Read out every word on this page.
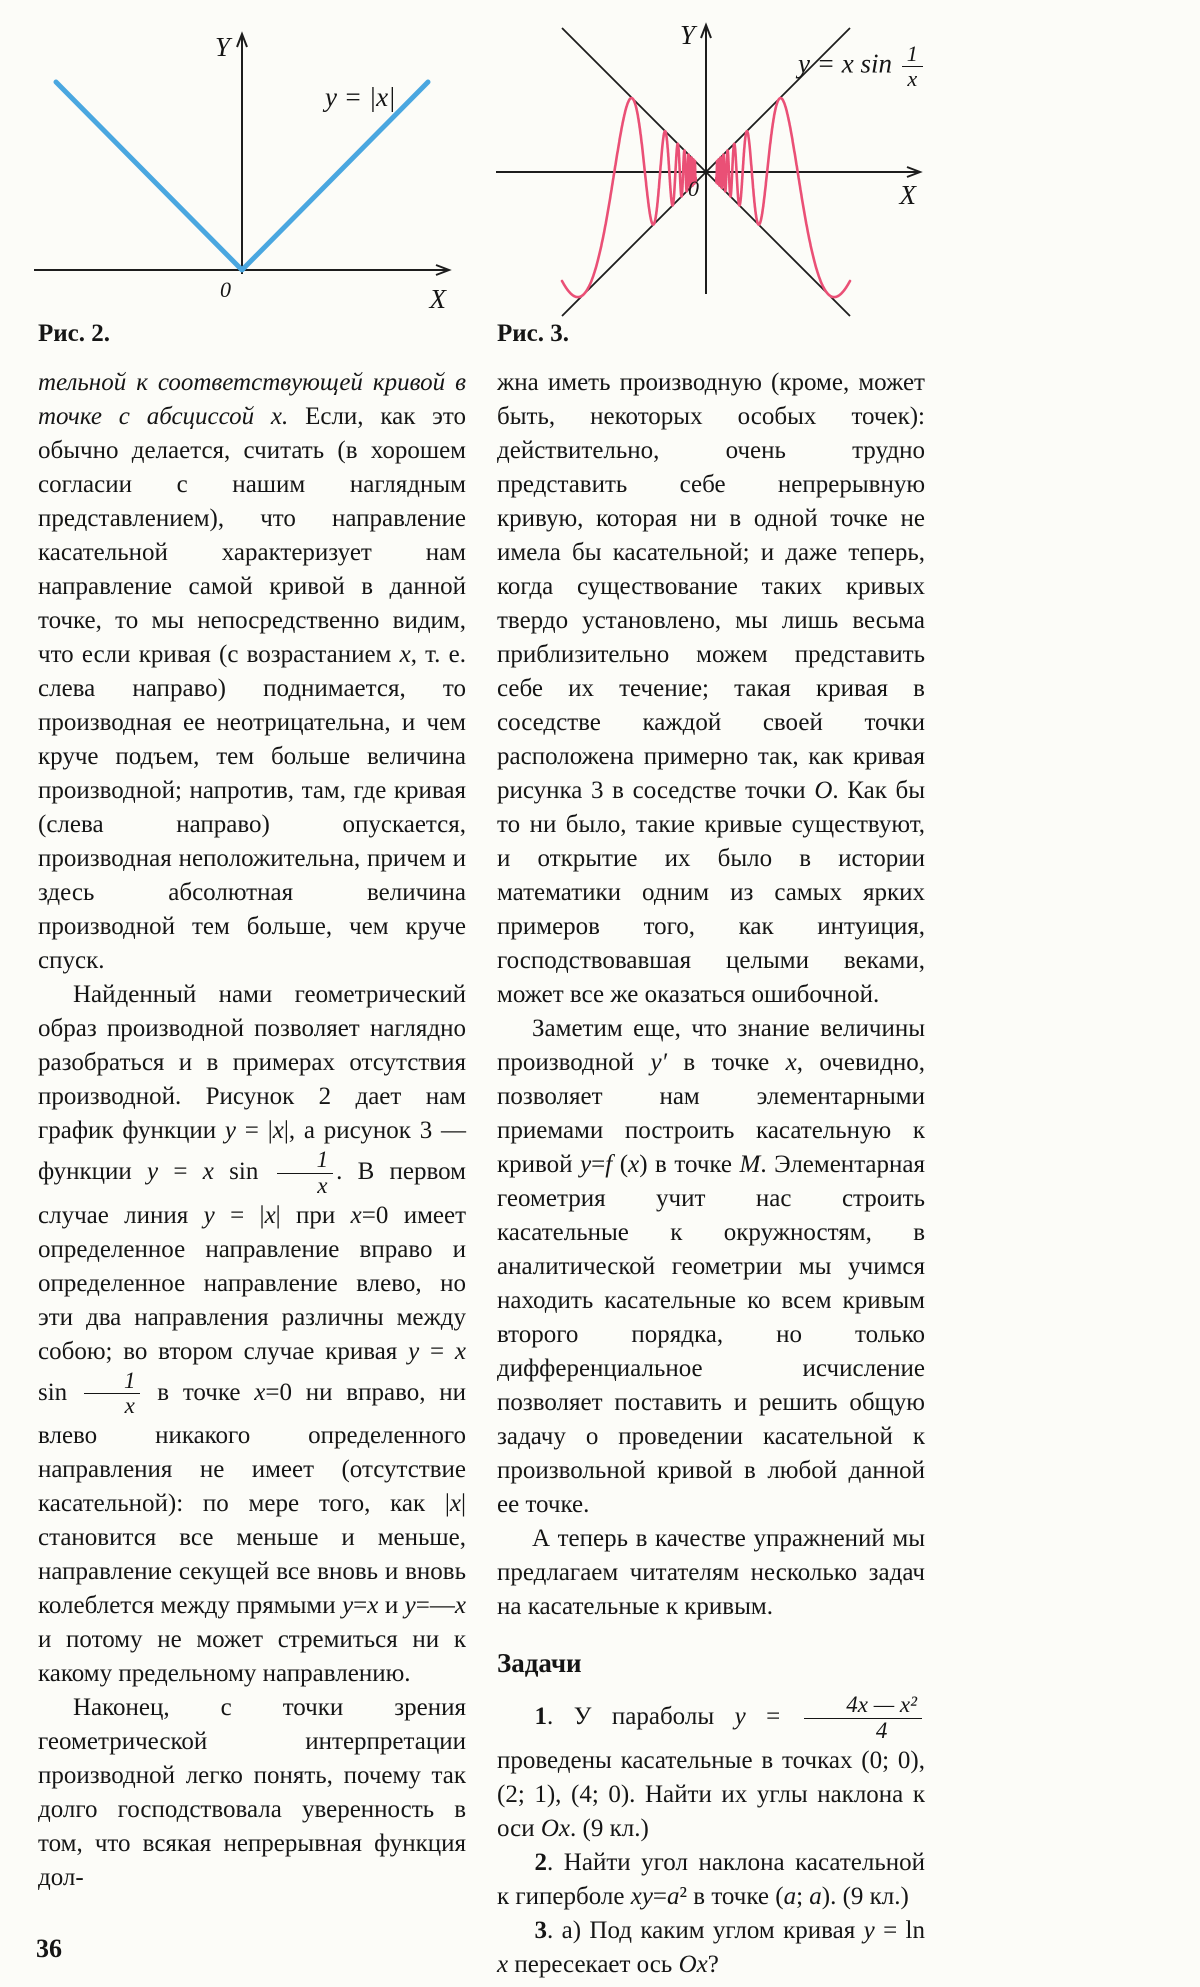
Y
X
0
y = |x|
Рис. 2.
Y
X
0
y = x $\sin \frac{1}{x}$
Рис. 3.

тельной к соответствующей кривой в точке с абсциссой x. Если, как это обычно делается, считать (в хорошем согласии с нашим наглядным представлением), что направление касательной характеризует нам направление самой кривой в данной точке, то мы непосредственно видим, что если кривая (с возрастанием x, т. е. слева направо) поднимается, то производная ее неотрицательна, и чем круче подъем, тем больше величина производной; напротив, там, где кривая (слева направо) опускается, производная неположительна, причем и здесь абсолютная величина производной тем больше, чем круче спуск.

Найденный нами геометрический образ производной позволяет наглядно разобраться и в примерах отсутствия производной. Рисунок 2 дает нам график функции y = |x|, а рисунок 3 — функции y = x $\sin \frac{1}{x}$ . В первом случае линия y = |x| при x=0 имеет определенное направление вправо и определенное направление влево, но эти два направления различны между собою; во втором случае кривая y = x $\sin \frac{1}{x}$ в точке x=0 ни вправо, ни влево никакого определенного направления не имеет (отсутствие касательной): по мере того, как |x| становится все меньше и меньше, направление секущей все вновь и вновь колеблется между прямыми y=x и y=—x и потому не может стремиться ни к какому предельному направлению.

Наконец, с точки зрения геометрической интерпретации производной легко понять, почему так долго господствовала уверенность в том, что всякая непрерывная функция дол-

жна иметь производную (кроме, может быть, некоторых особых точек): действительно, очень трудно представить себе непрерывную кривую, которая ни в одной точке не имела бы касательной; и даже теперь, когда существование таких кривых твердо установлено, мы лишь весьма приблизительно можем представить себе их течение; такая кривая в соседстве каждой своей точки расположена примерно так, как кривая рисунка 3 в соседстве точки O. Как бы то ни было, такие кривые существуют, и открытие их было в истории математики одним из самых ярких примеров того, как интуиция, господствовавшая целыми веками, может все же оказаться ошибочной.

Заметим еще, что знание величины производной y′ в точке x, очевидно, позволяет нам элементарными приемами построить касательную к кривой y=f (x) в точке M. Элементарная геометрия учит нас строить касательные к окружностям, в аналитической геометрии мы учимся находить касательные ко всем кривым второго порядка, но только дифференциальное исчисление позволяет поставить и решить общую задачу о проведении касательной к произвольной кривой в любой данной ее точке.

А теперь в качестве упражнений мы предлагаем читателям несколько задач на касательные к кривым.

Задачи

1. У параболы $y = \frac{\text{4x — x²}}{4}$
проведены касательные в точках (0; 0), (2; 1), (4; 0). Найти их углы наклона к оси Ox. (9 кл.)

2. Найти угол наклона касательной к гиперболе xy=a² в точке (a; a). (9 кл.)

3. а) Под каким углом кривая y = ln x пересекает ось Ox?

36
